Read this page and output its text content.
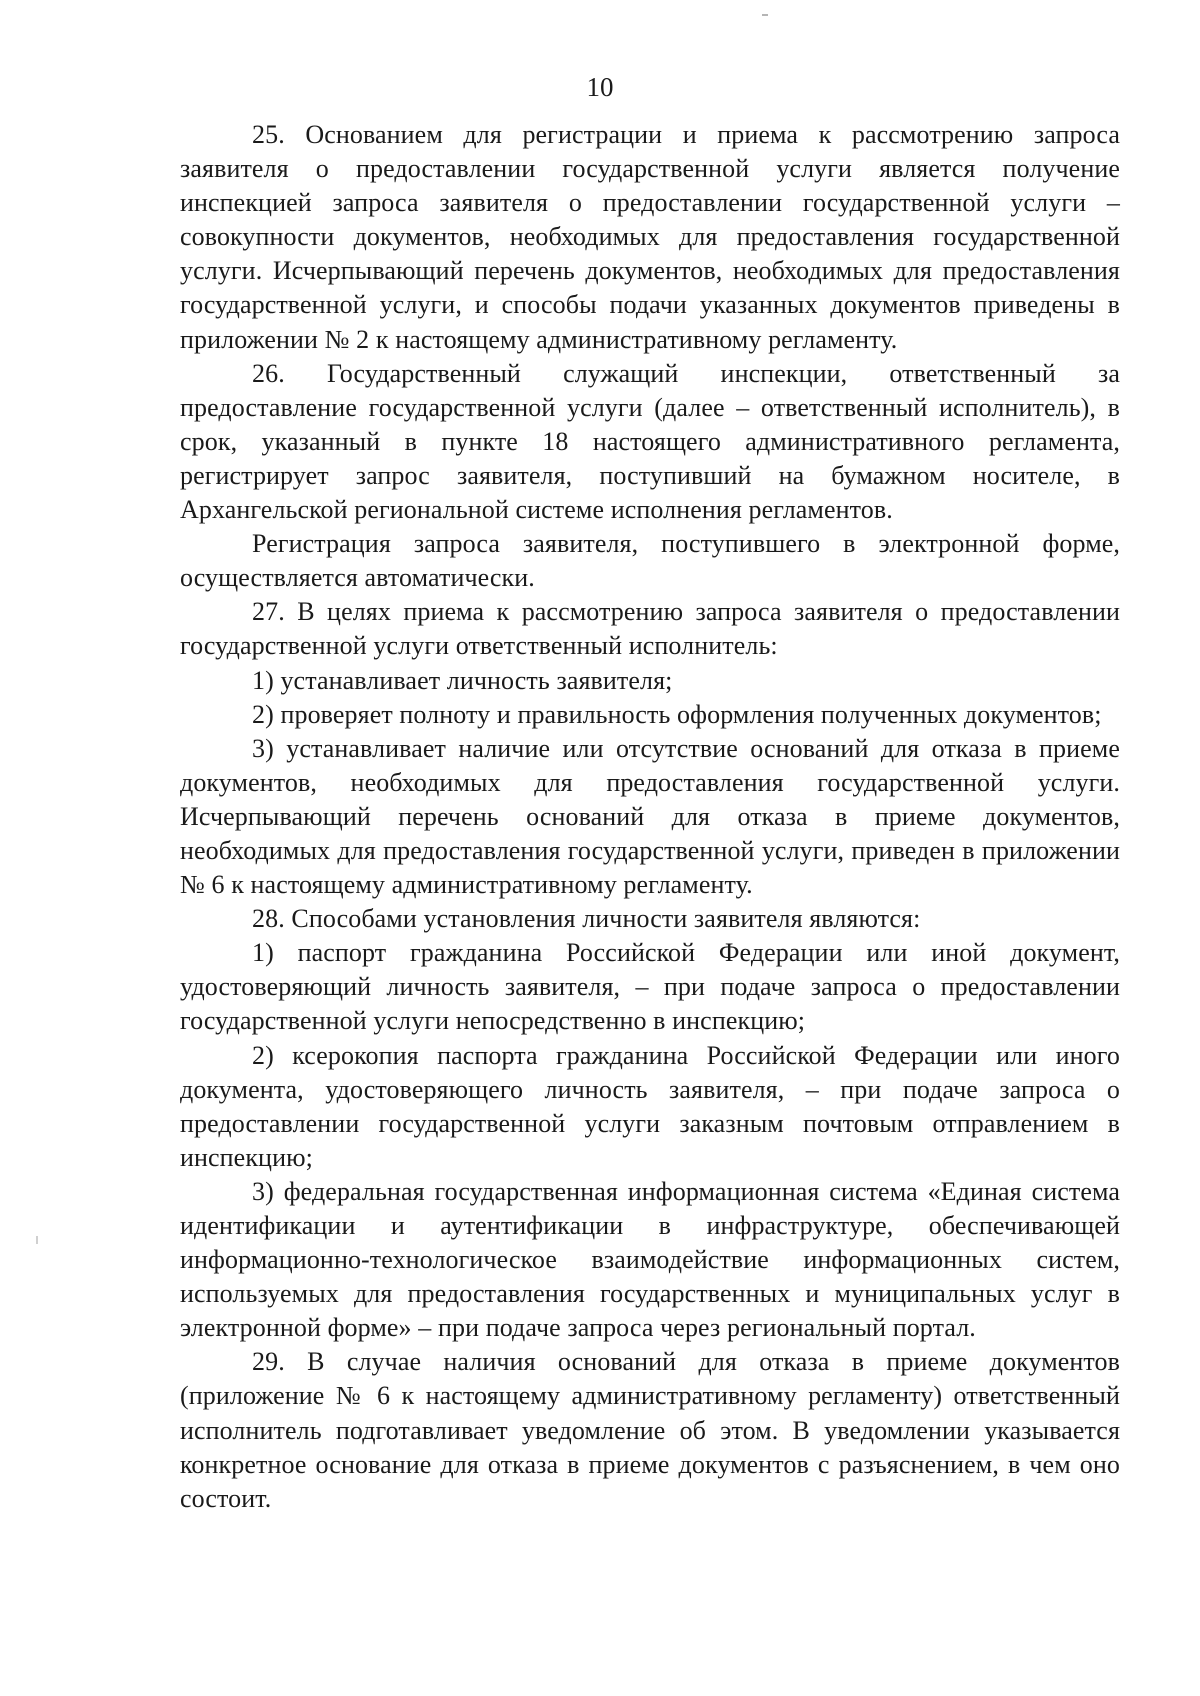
10

25. Основанием для регистрации и приема к рассмотрению запроса заявителя о предоставлении государственной услуги является получение инспекцией запроса заявителя о предоставлении государственной услуги – совокупности документов, необходимых для предоставления государственной услуги. Исчерпывающий перечень документов, необходимых для предоставления государственной услуги, и способы подачи указанных документов приведены в приложении № 2 к настоящему административному регламенту.

26. Государственный служащий инспекции, ответственный за предоставление государственной услуги (далее – ответственный исполнитель), в срок, указанный в пункте 18 настоящего административного регламента, регистрирует запрос заявителя, поступивший на бумажном носителе, в Архангельской региональной системе исполнения регламентов.

Регистрация запроса заявителя, поступившего в электронной форме, осуществляется автоматически.

27. В целях приема к рассмотрению запроса заявителя о предоставлении государственной услуги ответственный исполнитель:

1) устанавливает личность заявителя;

2) проверяет полноту и правильность оформления полученных документов;

3) устанавливает наличие или отсутствие оснований для отказа в приеме документов, необходимых для предоставления государственной услуги. Исчерпывающий перечень оснований для отказа в приеме документов, необходимых для предоставления государственной услуги, приведен в приложении № 6 к настоящему административному регламенту.

28. Способами установления личности заявителя являются:

1) паспорт гражданина Российской Федерации или иной документ, удостоверяющий личность заявителя, – при подаче запроса о предоставлении государственной услуги непосредственно в инспекцию;

2) ксерокопия паспорта гражданина Российской Федерации или иного документа, удостоверяющего личность заявителя, – при подаче запроса о предоставлении государственной услуги заказным почтовым отправлением в инспекцию;

3) федеральная государственная информационная система «Единая система идентификации и аутентификации в инфраструктуре, обеспечивающей информационно-технологическое взаимодействие информационных систем, используемых для предоставления государственных и муниципальных услуг в электронной форме» – при подаче запроса через региональный портал.

29. В случае наличия оснований для отказа в приеме документов (приложение № 6 к настоящему административному регламенту) ответственный исполнитель подготавливает уведомление об этом. В уведомлении указывается конкретное основание для отказа в приеме документов с разъяснением, в чем оно состоит.
